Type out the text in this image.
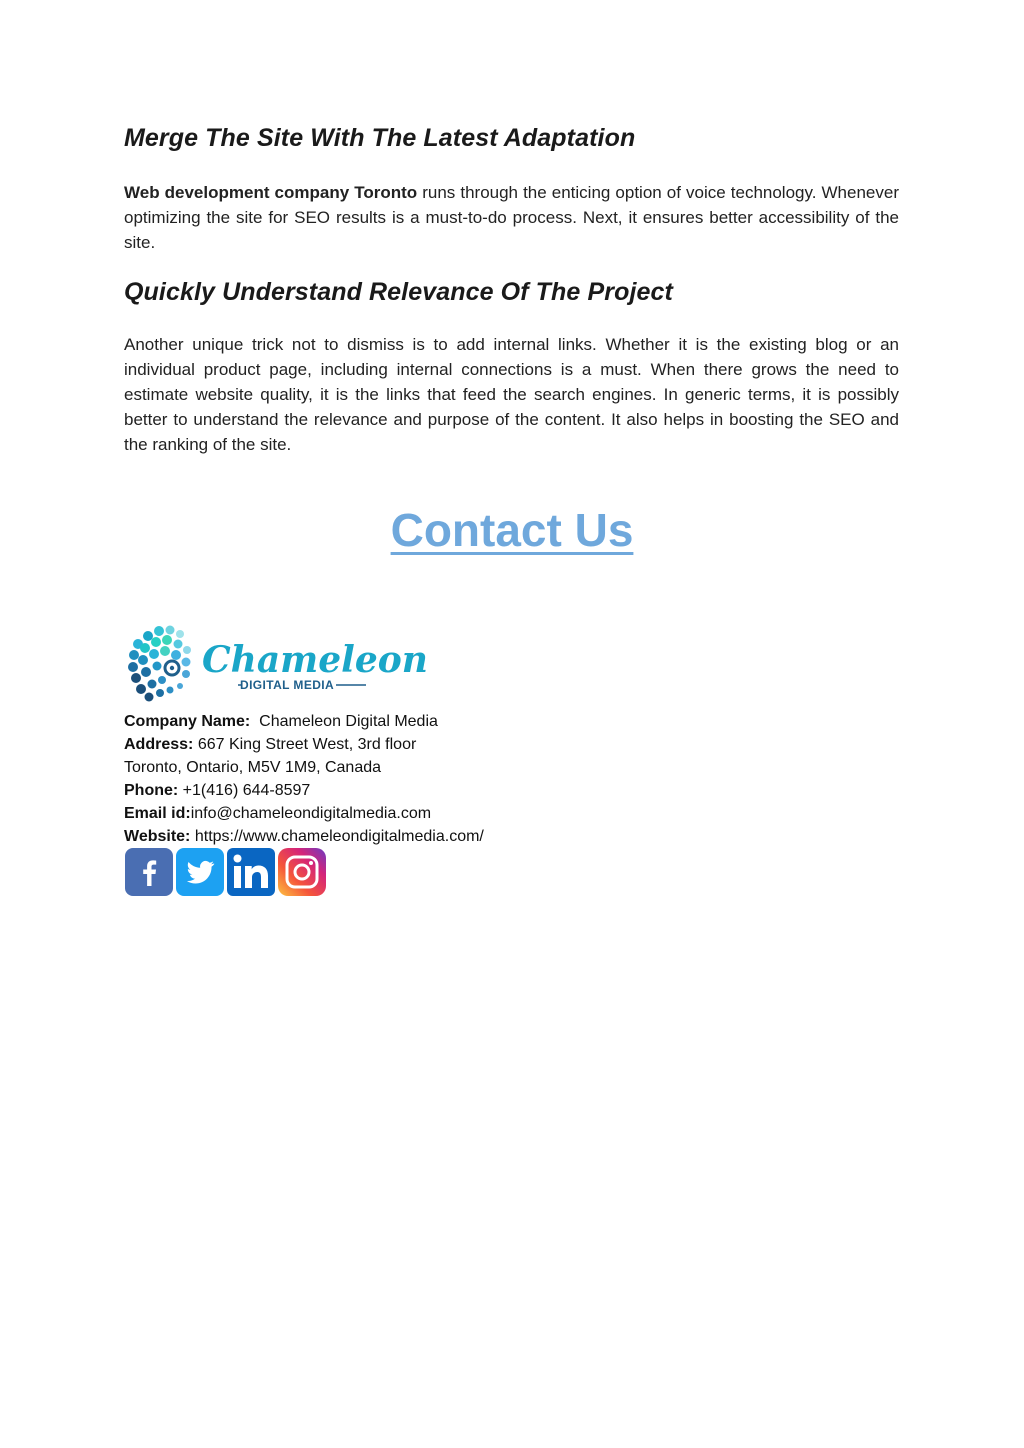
Merge The Site With The Latest Adaptation

Web development company Toronto runs through the enticing option of voice technology. Whenever optimizing the site for SEO results is a must-to-do process. Next, it ensures better accessibility of the site.

Quickly Understand Relevance Of The Project

Another unique trick not to dismiss is to add internal links. Whether it is the existing blog or an individual product page, including internal connections is a must. When there grows the need to estimate website quality, it is the links that feed the search engines. In generic terms, it is possibly better to understand the relevance and purpose of the content. It also helps in boosting the SEO and the ranking of the site.

Contact Us
Chameleon
DIGITAL MEDIA
Company Name: Chameleon Digital Media
Address: 667 King Street West, 3rd floor
Toronto, Ontario, M5V 1M9, Canada
Phone: +1(416) 644-8597
Email id:info@chameleondigitalmedia.com
Website: https://www.chameleondigitalmedia.com/
